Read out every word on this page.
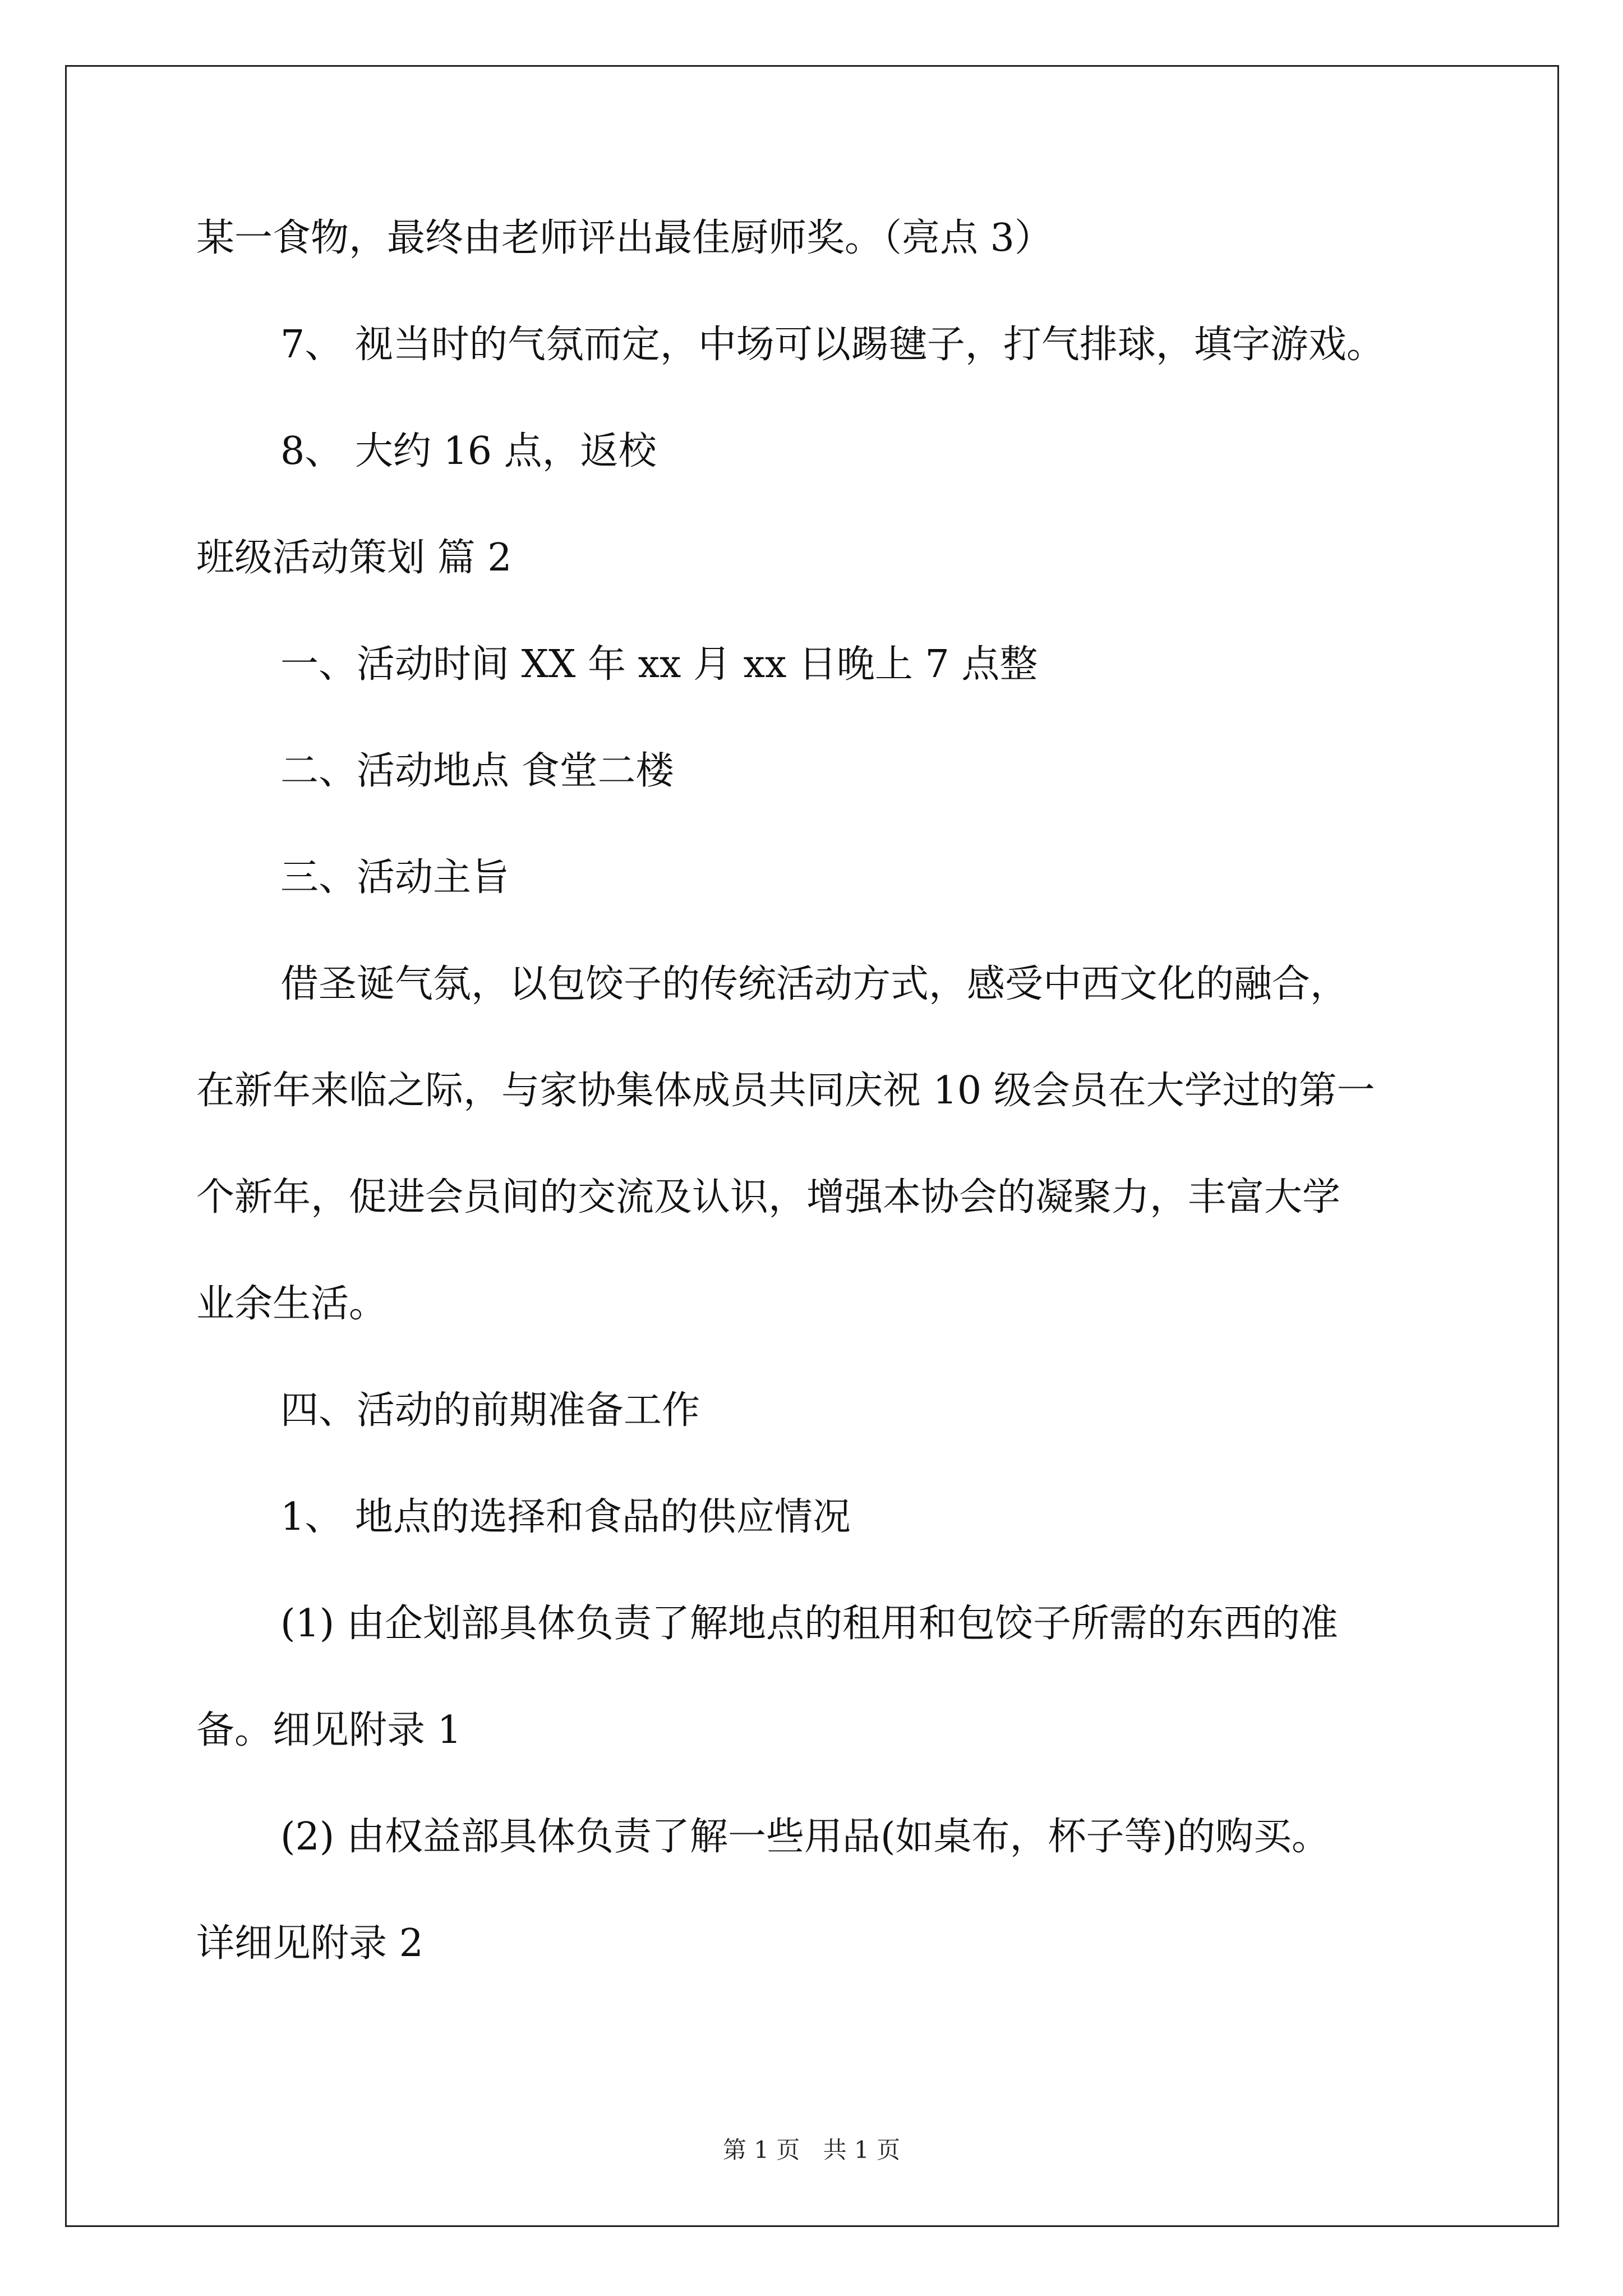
某一食物，最终由老师评出最佳厨师奖。（亮点 3）
7、 视当时的气氛而定，中场可以踢毽子，打气排球，填字游戏。
8、 大约 16 点，返校
班级活动策划 篇 2
一、活动时间 XX 年 xx 月 xx 日晚上 7 点整
二、活动地点 食堂二楼
三、活动主旨
借圣诞气氛，以包饺子的传统活动方式，感受中西文化的融合，
在新年来临之际，与家协集体成员共同庆祝 10 级会员在大学过的第一
个新年，促进会员间的交流及认识，增强本协会的凝聚力，丰富大学
业余生活。
四、活动的前期准备工作
1、 地点的选择和食品的供应情况
(1) 由企划部具体负责了解地点的租用和包饺子所需的东西的准
备。细见附录 1
(2) 由权益部具体负责了解一些用品(如桌布，杯子等)的购买。
详细见附录 2
第 1 页 共 1 页
